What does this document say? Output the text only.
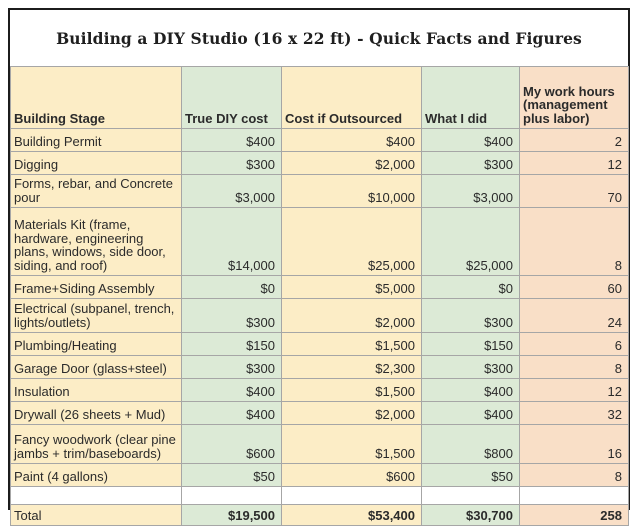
Building a DIY Studio (16 x 22 ft) - Quick Facts and Figures
Building Stage	True DIY cost	Cost if Outsourced	What I did	My work hours (management plus labor)
Building Permit	$400	$400	$400	2
Digging	$300	$2,000	$300	12
Forms, rebar, and Concrete pour	$3,000	$10,000	$3,000	70
Materials Kit (frame, hardware, engineering plans, windows, side door, siding, and roof)	$14,000	$25,000	$25,000	8
Frame+Siding Assembly	$0	$5,000	$0	60
Electrical (subpanel, trench, lights/outlets)	$300	$2,000	$300	24
Plumbing/Heating	$150	$1,500	$150	6
Garage Door (glass+steel)	$300	$2,300	$300	8
Insulation	$400	$1,500	$400	12
Drywall (26 sheets + Mud)	$400	$2,000	$400	32
Fancy woodwork (clear pine jambs + trim/baseboards)	$600	$1,500	$800	16
Paint (4 gallons)	$50	$600	$50	8

Total	$19,500	$53,400	$30,700	258
